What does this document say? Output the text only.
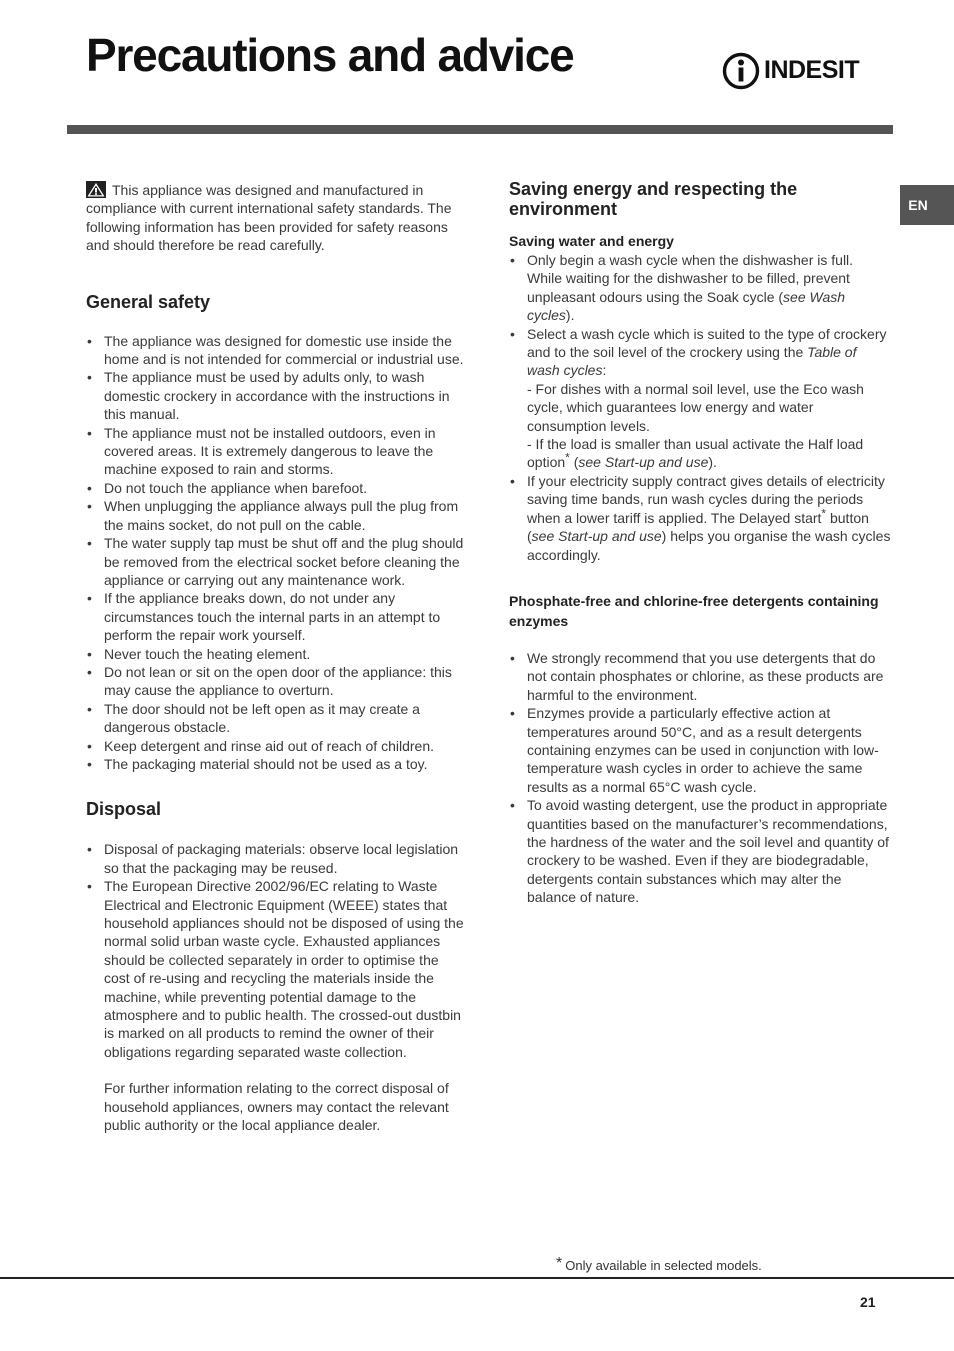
Precautions and advice	INDESIT
EN

This appliance was designed and manufactured in compliance with current international safety standards. The following information has been provided for safety reasons and should therefore be read carefully.

General safety
• The appliance was designed for domestic use inside the home and is not intended for commercial or industrial use.
• The appliance must be used by adults only, to wash domestic crockery in accordance with the instructions in this manual.
• The appliance must not be installed outdoors, even in covered areas. It is extremely dangerous to leave the machine exposed to rain and storms.
• Do not touch the appliance when barefoot.
• When unplugging the appliance always pull the plug from the mains socket, do not pull on the cable.
• The water supply tap must be shut off and the plug should be removed from the electrical socket before cleaning the appliance or carrying out any maintenance work.
• If the appliance breaks down, do not under any circumstances touch the internal parts in an attempt to perform the repair work yourself.
• Never touch the heating element.
• Do not lean or sit on the open door of the appliance: this may cause the appliance to overturn.
• The door should not be left open as it may create a dangerous obstacle.
• Keep detergent and rinse aid out of reach of children.
• The packaging material should not be used as a toy.
Disposal
• Disposal of packaging materials: observe local legislation so that the packaging may be reused.
• The European Directive 2002/96/EC relating to Waste Electrical and Electronic Equipment (WEEE) states that household appliances should not be disposed of using the normal solid urban waste cycle. Exhausted appliances should be collected separately in order to optimise the cost of re-using and recycling the materials inside the machine, while preventing potential damage to the atmosphere and to public health. The crossed-out dustbin is marked on all products to remind the owner of their obligations regarding separated waste collection.

For further information relating to the correct disposal of household appliances, owners may contact the relevant public authority or the local appliance dealer.

Saving energy and respecting the environment
Saving water and energy
• Only begin a wash cycle when the dishwasher is full. While waiting for the dishwasher to be filled, prevent unpleasant odours using the Soak cycle (see Wash cycles).
• Select a wash cycle which is suited to the type of crockery and to the soil level of the crockery using the Table of wash cycles:
- For dishes with a normal soil level, use the Eco wash cycle, which guarantees low energy and water consumption levels.
- If the load is smaller than usual activate the Half load option* (see Start-up and use).
• If your electricity supply contract gives details of electricity saving time bands, run wash cycles during the periods when a lower tariff is applied. The Delayed start* button (see Start-up and use) helps you organise the wash cycles accordingly.
Phosphate-free and chlorine-free detergents containing enzymes
• We strongly recommend that you use detergents that do not contain phosphates or chlorine, as these products are harmful to the environment.
• Enzymes provide a particularly effective action at temperatures around 50°C, and as a result detergents containing enzymes can be used in conjunction with low-temperature wash cycles in order to achieve the same results as a normal 65°C wash cycle.
• To avoid wasting detergent, use the product in appropriate quantities based on the manufacturer’s recommendations, the hardness of the water and the soil level and quantity of crockery to be washed. Even if they are biodegradable, detergents contain substances which may alter the balance of nature.
* Only available in selected models.
21
